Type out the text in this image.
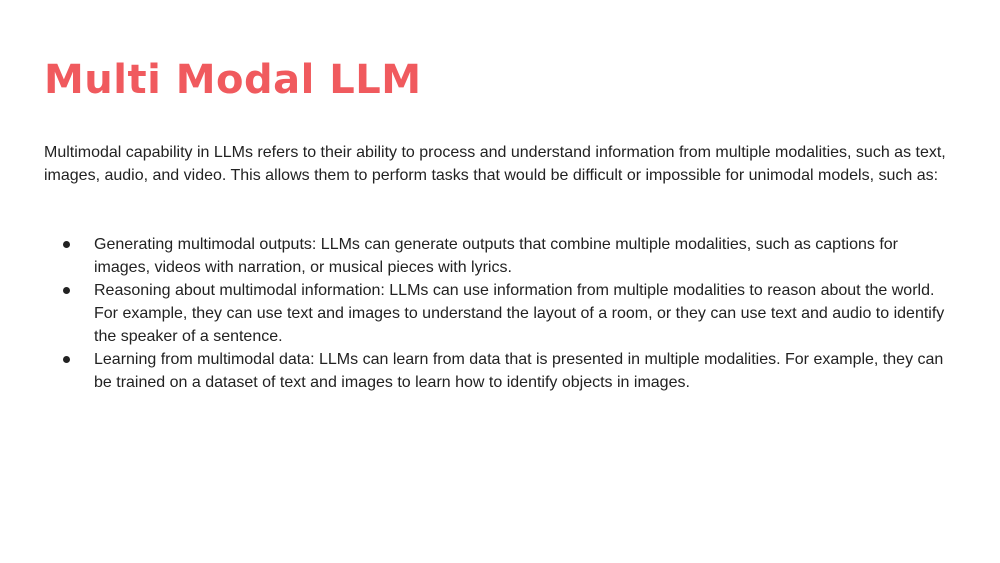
Multi Modal LLM

Multimodal capability in LLMs refers to their ability to process and understand information from multiple modalities, such as text, images, audio, and video. This allows them to perform tasks that would be difficult or impossible for unimodal models, such as:

Generating multimodal outputs: LLMs can generate outputs that combine multiple modalities, such as captions for images, videos with narration, or musical pieces with lyrics.
Reasoning about multimodal information: LLMs can use information from multiple modalities to reason about the world. For example, they can use text and images to understand the layout of a room, or they can use text and audio to identify the speaker of a sentence.
Learning from multimodal data: LLMs can learn from data that is presented in multiple modalities. For example, they can be trained on a dataset of text and images to learn how to identify objects in images.
